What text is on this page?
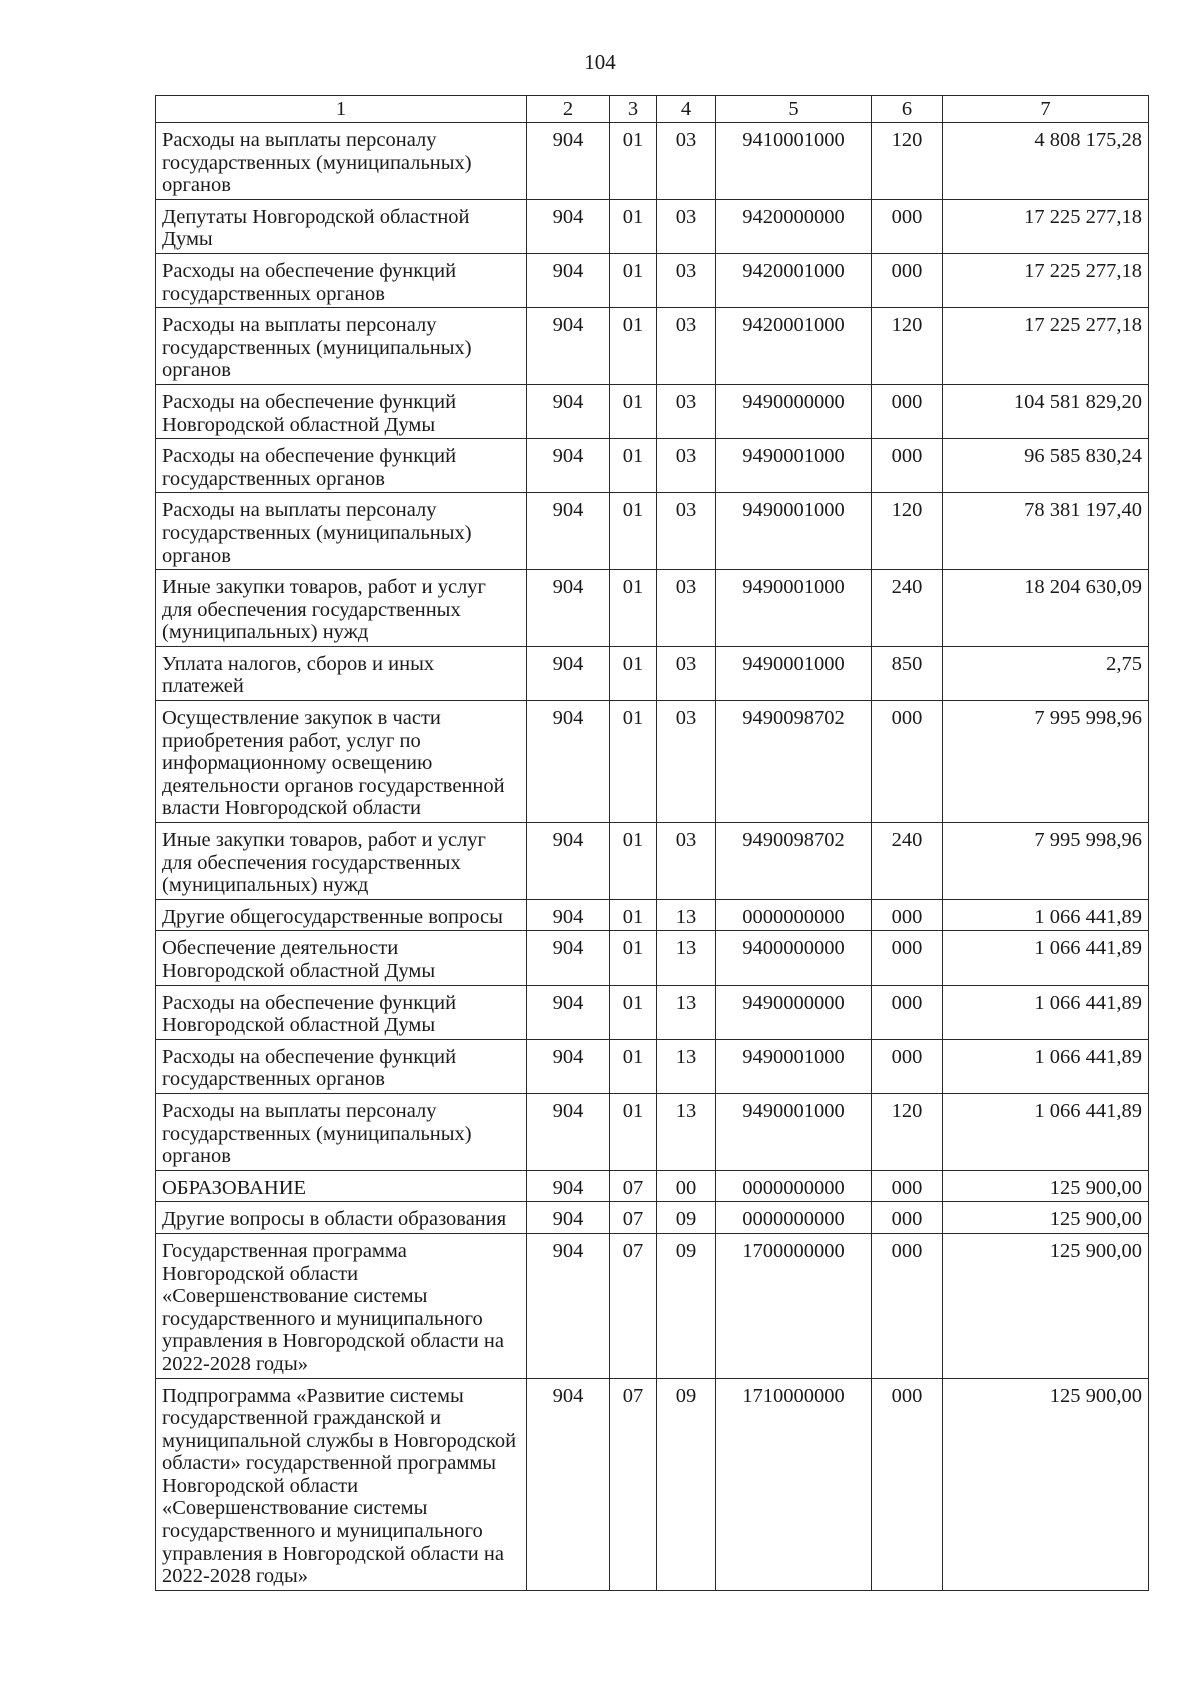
104
1	2	3	4	5	6	7
Расходы на выплаты персоналу государственных (муниципальных) органов	904	01	03	9410001000	120	4 808 175,28
Депутаты Новгородской областной Думы	904	01	03	9420000000	000	17 225 277,18
Расходы на обеспечение функций государственных органов	904	01	03	9420001000	000	17 225 277,18
Расходы на выплаты персоналу государственных (муниципальных) органов	904	01	03	9420001000	120	17 225 277,18
Расходы на обеспечение функций Новгородской областной Думы	904	01	03	9490000000	000	104 581 829,20
Расходы на обеспечение функций государственных органов	904	01	03	9490001000	000	96 585 830,24
Расходы на выплаты персоналу государственных (муниципальных) органов	904	01	03	9490001000	120	78 381 197,40
Иные закупки товаров, работ и услуг для обеспечения государственных (муниципальных) нужд	904	01	03	9490001000	240	18 204 630,09
Уплата налогов, сборов и иных платежей	904	01	03	9490001000	850	2,75
Осуществление закупок в части приобретения работ, услуг по информационному освещению деятельности органов государственной власти Новгородской области	904	01	03	9490098702	000	7 995 998,96
Иные закупки товаров, работ и услуг для обеспечения государственных (муниципальных) нужд	904	01	03	9490098702	240	7 995 998,96
Другие общегосударственные вопросы	904	01	13	0000000000	000	1 066 441,89
Обеспечение деятельности Новгородской областной Думы	904	01	13	9400000000	000	1 066 441,89
Расходы на обеспечение функций Новгородской областной Думы	904	01	13	9490000000	000	1 066 441,89
Расходы на обеспечение функций государственных органов	904	01	13	9490001000	000	1 066 441,89
Расходы на выплаты персоналу государственных (муниципальных) органов	904	01	13	9490001000	120	1 066 441,89
ОБРАЗОВАНИЕ	904	07	00	0000000000	000	125 900,00
Другие вопросы в области образования	904	07	09	0000000000	000	125 900,00
Государственная программа Новгородской области «Совершенствование системы государственного и муниципального управления в Новгородской области на 2022-2028 годы»	904	07	09	1700000000	000	125 900,00
Подпрограмма «Развитие системы государственной гражданской и муниципальной службы в Новгородской области» государственной программы Новгородской области «Совершенствование системы государственного и муниципального управления в Новгородской области на 2022-2028 годы»	904	07	09	1710000000	000	125 900,00
